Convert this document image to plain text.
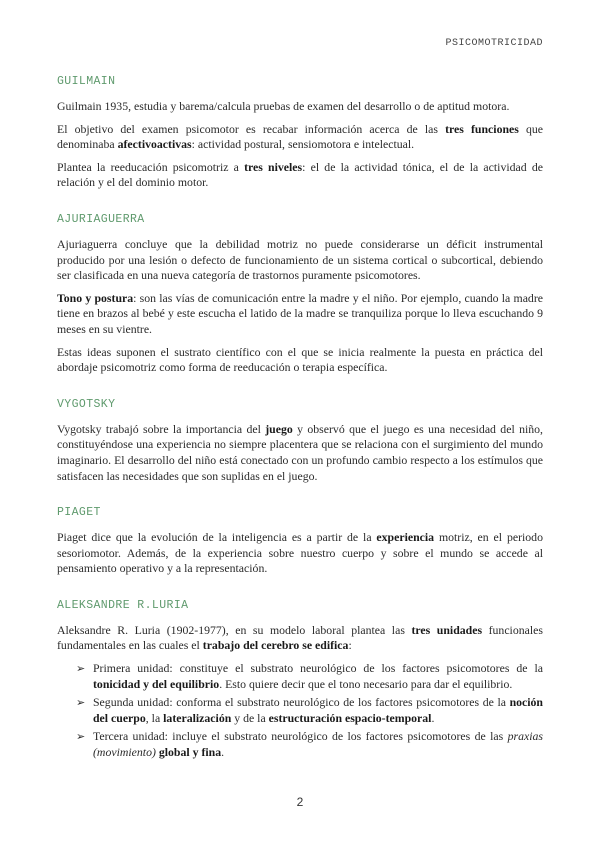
PSICOMOTRICIDAD
GUILMAIN

Guilmain 1935, estudia y barema/calcula pruebas de examen del desarrollo o de aptitud motora.

El objetivo del examen psicomotor es recabar información acerca de las tres funciones que denominaba afectivoactivas: actividad postural, sensiomotora e intelectual.

Plantea la reeducación psicomotriz a tres niveles: el de la actividad tónica, el de la actividad de relación y el del dominio motor.

AJURIAGUERRA

Ajuriaguerra concluye que la debilidad motriz no puede considerarse un déficit instrumental producido por una lesión o defecto de funcionamiento de un sistema cortical o subcortical, debiendo ser clasificada en una nueva categoría de trastornos puramente psicomotores.

Tono y postura: son las vías de comunicación entre la madre y el niño. Por ejemplo, cuando la madre tiene en brazos al bebé y este escucha el latido de la madre se tranquiliza porque lo lleva escuchando 9 meses en su vientre.

Estas ideas suponen el sustrato científico con el que se inicia realmente la puesta en práctica del abordaje psicomotriz como forma de reeducación o terapia específica.

VYGOTSKY

Vygotsky trabajó sobre la importancia del juego y observó que el juego es una necesidad del niño, constituyéndose una experiencia no siempre placentera que se relaciona con el surgimiento del mundo imaginario. El desarrollo del niño está conectado con un profundo cambio respecto a los estímulos que satisfacen las necesidades que son suplidas en el juego.

PIAGET

Piaget dice que la evolución de la inteligencia es a partir de la experiencia motriz, en el periodo sesoriomotor. Además, de la experiencia sobre nuestro cuerpo y sobre el mundo se accede al pensamiento operativo y a la representación.

ALEKSANDRE R.LURIA

Aleksandre R. Luria (1902-1977), en su modelo laboral plantea las tres unidades funcionales fundamentales en las cuales el trabajo del cerebro se edifica:

➢ Primera unidad: constituye el substrato neurológico de los factores psicomotores de la tonicidad y del equilibrio. Esto quiere decir que el tono necesario para dar el equilibrio.
➢ Segunda unidad: conforma el substrato neurológico de los factores psicomotores de la noción del cuerpo, la lateralización y de la estructuración espacio-temporal.
➢ Tercera unidad: incluye el substrato neurológico de los factores psicomotores de las praxias (movimiento) global y fina.
2
